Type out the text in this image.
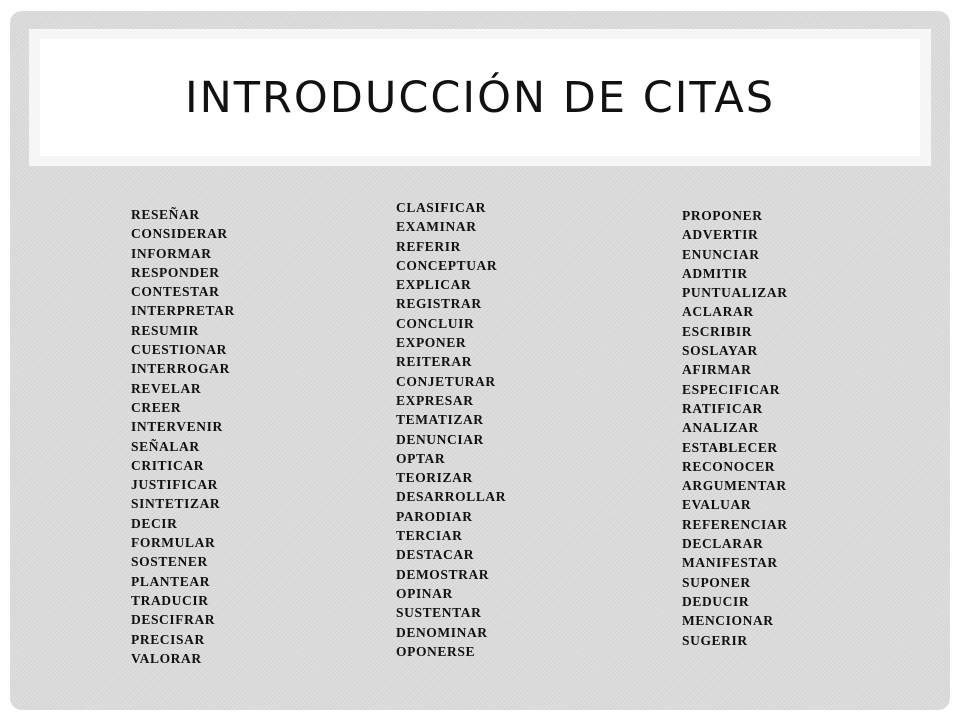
INTRODUCCIÓN DE CITAS
RESEÑAR
CONSIDERAR
INFORMAR
RESPONDER
CONTESTAR
INTERPRETAR
RESUMIR
CUESTIONAR
INTERROGAR
REVELAR
CREER
INTERVENIR
SEÑALAR
CRITICAR
JUSTIFICAR
SINTETIZAR
DECIR
FORMULAR
SOSTENER
PLANTEAR
TRADUCIR
DESCIFRAR
PRECISAR
VALORAR
CLASIFICAR
EXAMINAR
REFERIR
CONCEPTUAR
EXPLICAR
REGISTRAR
CONCLUIR
EXPONER
REITERAR
CONJETURAR
EXPRESAR
TEMATIZAR
DENUNCIAR
OPTAR
TEORIZAR
DESARROLLAR
PARODIAR
TERCIAR
DESTACAR
DEMOSTRAR
OPINAR
SUSTENTAR
DENOMINAR
OPONERSE
PROPONER
ADVERTIR
ENUNCIAR
ADMITIR
PUNTUALIZAR
ACLARAR
ESCRIBIR
SOSLAYAR
AFIRMAR
ESPECIFICAR
RATIFICAR
ANALIZAR
ESTABLECER
RECONOCER
ARGUMENTAR
EVALUAR
REFERENCIAR
DECLARAR
MANIFESTAR
SUPONER
DEDUCIR
MENCIONAR
SUGERIR
